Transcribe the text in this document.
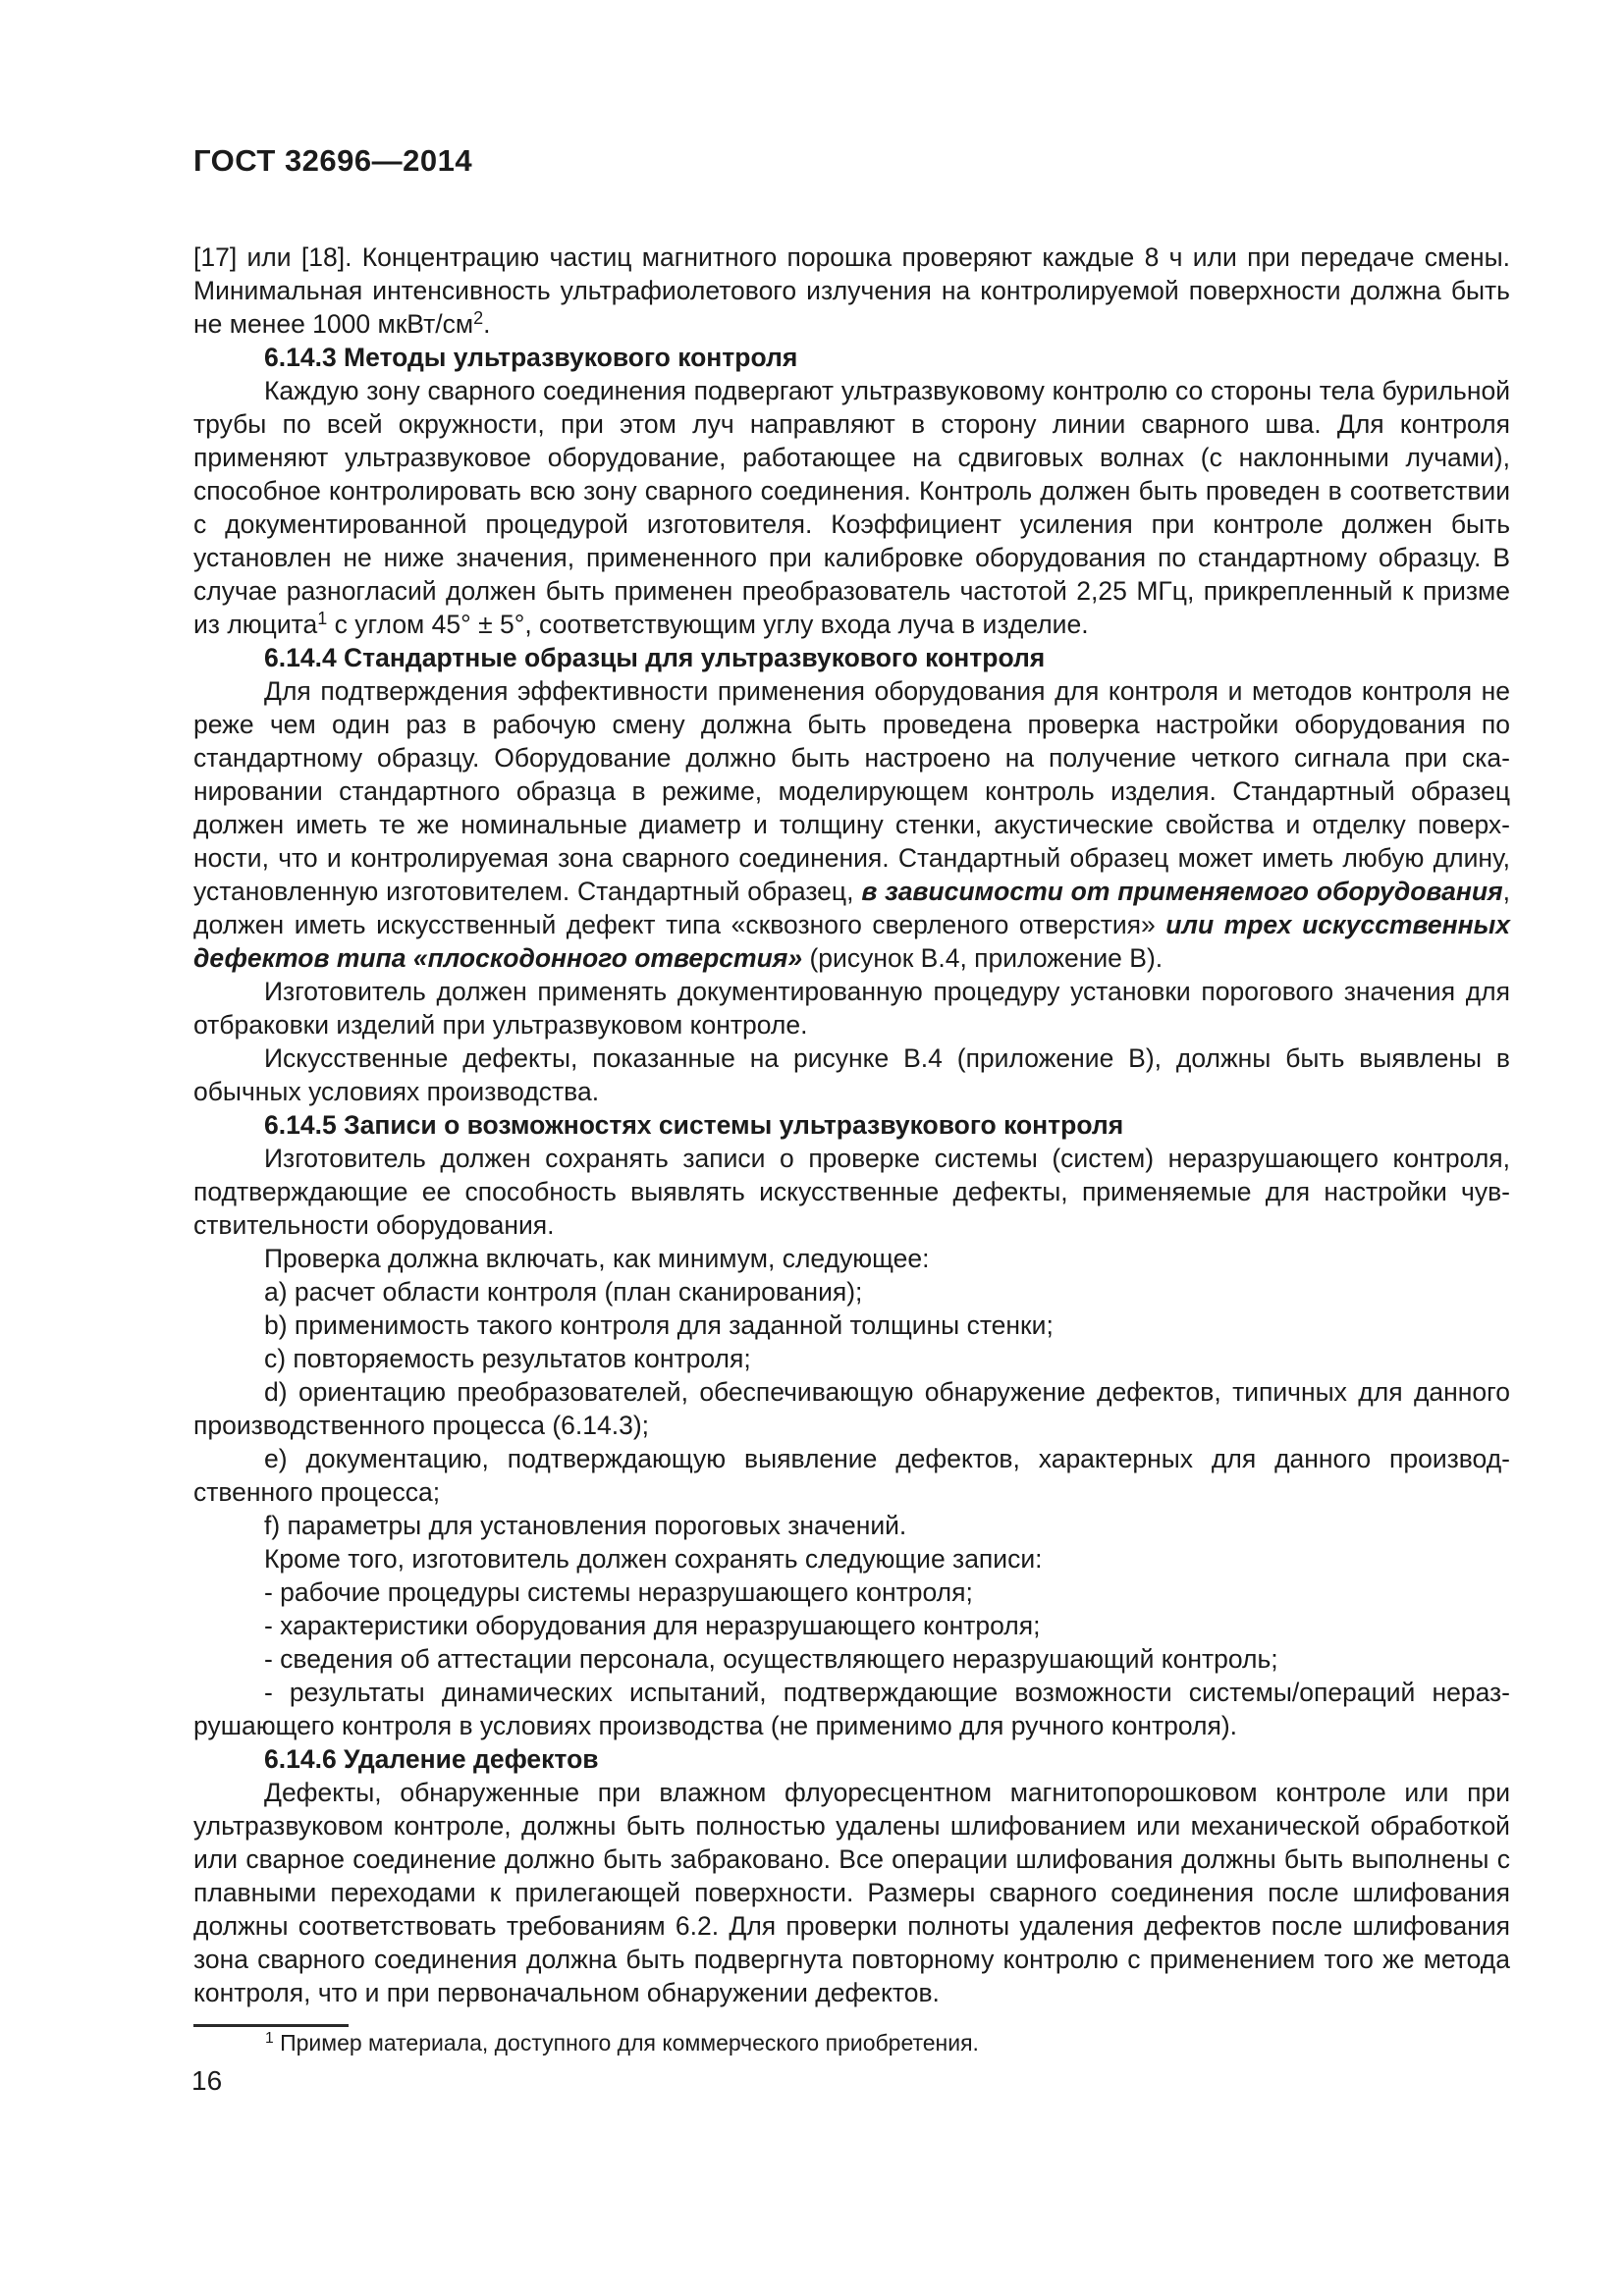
ГОСТ 32696—2014

[17] или [18]. Концентрацию частиц магнитного порошка проверяют каждые 8 ч или при передаче смены. Минимальная интенсивность ультрафиолетового излучения на контролируемой поверхности должна быть не менее 1000 мкВт/$см^2$.

6.14.3 Методы ультразвукового контроля

Каждую зону сварного соединения подвергают ультразвуковому контролю со стороны тела бурильной трубы по всей окружности, при этом луч направляют в сторону линии сварного шва. Для контроля применяют ультразвуковое оборудование, работающее на сдвиговых волнах (с наклонными лучами), способное контролировать всю зону сварного соединения. Контроль должен быть проведен в соответствии с документированной процедурой изготовителя. Коэффициент усиления при контроле должен быть установлен не ниже значения, примененного при калибровке оборудования по стандартному образцу. В случае разногласий должен быть применен преобразователь частотой 2,25 МГц, прикрепленный к призме из люцита$^1$ с углом 45° ± 5°, соответствующим углу входа луча в изделие.

6.14.4 Стандартные образцы для ультразвукового контроля

Для подтверждения эффективности применения оборудования для контроля и методов контроля не реже чем один раз в рабочую смену должна быть проведена проверка настройки оборудования по стандартному образцу. Оборудование должно быть настроено на получение четкого сигнала при сканировании стандартного образца в режиме, моделирующем контроль изделия. Стандартный образец должен иметь те же номинальные диаметр и толщину стенки, акустические свойства и отделку поверхности, что и контролируемая зона сварного соединения. Стандартный образец может иметь любую длину, установленную изготовителем. Стандартный образец, в зависимости от применяемого оборудования, должен иметь искусственный дефект типа «сквозного сверленого отверстия» или трех искусственных дефектов типа «плоскодонного отверстия» (рисунок В.4, приложение В).

Изготовитель должен применять документированную процедуру установки порогового значения для отбраковки изделий при ультразвуковом контроле.

Искусственные дефекты, показанные на рисунке В.4 (приложение В), должны быть выявлены в обычных условиях производства.

6.14.5 Записи о возможностях системы ультразвукового контроля

Изготовитель должен сохранять записи о проверке системы (систем) неразрушающего контроля, подтверждающие ее способность выявлять искусственные дефекты, применяемые для настройки чувствительности оборудования.

Проверка должна включать, как минимум, следующее:

a) расчет области контроля (план сканирования);

b) применимость такого контроля для заданной толщины стенки;

c) повторяемость результатов контроля;

d) ориентацию преобразователей, обеспечивающую обнаружение дефектов, типичных для данного производственного процесса (6.14.3);

e) документацию, подтверждающую выявление дефектов, характерных для данного производственного процесса;

f) параметры для установления пороговых значений.

Кроме того, изготовитель должен сохранять следующие записи:

- рабочие процедуры системы неразрушающего контроля;

- характеристики оборудования для неразрушающего контроля;

- сведения об аттестации персонала, осуществляющего неразрушающий контроль;

- результаты динамических испытаний, подтверждающие возможности системы/операций неразрушающего контроля в условиях производства (не применимо для ручного контроля).

6.14.6 Удаление дефектов

Дефекты, обнаруженные при влажном флуоресцентном магнитопорошковом контроле или при ультразвуковом контроле, должны быть полностью удалены шлифованием или механической обработкой или сварное соединение должно быть забраковано. Все операции шлифования должны быть выполнены с плавными переходами к прилегающей поверхности. Размеры сварного соединения после шлифования должны соответствовать требованиям 6.2. Для проверки полноты удаления дефектов после шлифования зона сварного соединения должна быть подвергнута повторному контролю с применением того же метода контроля, что и при первоначальном обнаружении дефектов.

$^1$ Пример материала, доступного для коммерческого приобретения.
16
